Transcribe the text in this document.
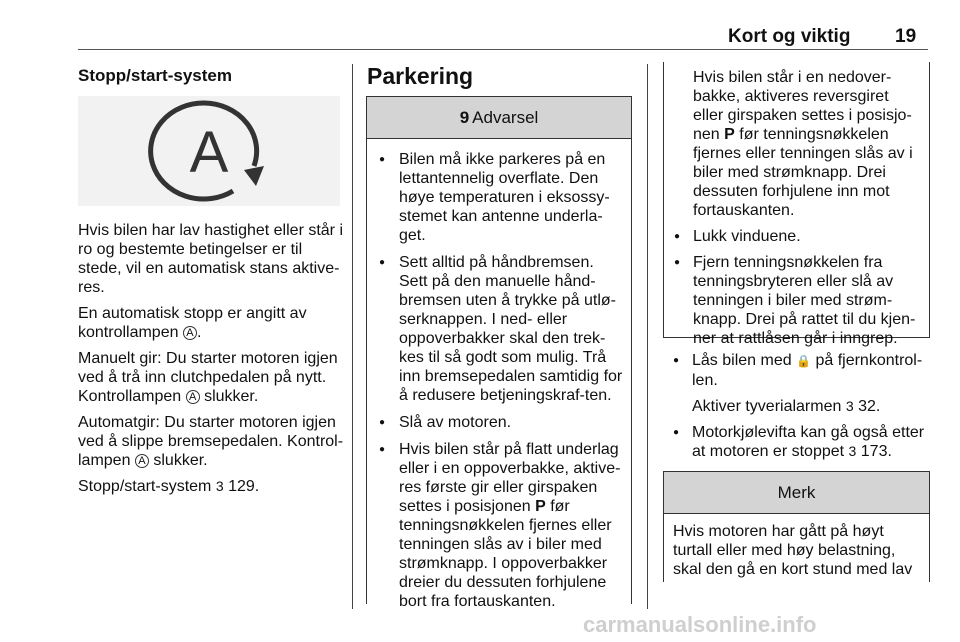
Kort og viktig 19
Stopp/start-system
A

Hvis bilen har lav hastighet eller står i ro og bestemte betingelser er til stede, vil en automatisk stans aktive‐res.

En automatisk stopp er angitt av kontrollampen A .

Manuelt gir: Du starter motoren igjen ved å trå inn clutchpedalen på nytt. Kontrollampen A slukker.

Automatgir: Du starter motoren igjen ved å slippe bremsepedalen. Kontrol‐lampen A slukker.

Stopp/start-system 3 129.

Parkering
9 Advarsel
● Bilen må ikke parkeres på en lettantennelig overflate. Den høye temperaturen i eksossy‐stemet kan antenne underla‐get.
● Sett alltid på håndbremsen. Sett på den manuelle hånd‐bremsen uten å trykke på utlø‐serknappen. I ned- eller oppoverbakker skal den trek‐kes til så godt som mulig. Trå inn bremsepedalen samtidig for å redusere betjeningskraf‐ten.
● Slå av motoren.
● Hvis bilen står på flatt underlag eller i en oppoverbakke, aktive‐res første gir eller girspaken settes i posisjonen P før tenningsnøkkelen fjernes eller tenningen slås av i biler med strømknapp. I oppoverbakker dreier du dessuten forhjulene bort fra fortauskanten.
Hvis bilen står i en nedover‐bakke, aktiveres reversgiret eller girspaken settes i posisjo‐nen P før tenningsnøkkelen fjernes eller tenningen slås av i biler med strømknapp. Drei dessuten forhjulene inn mot fortauskanten.
● Lukk vinduene.
● Fjern tenningsnøkkelen fra tenningsbryteren eller slå av tenningen i biler med strøm‐knapp. Drei på rattet til du kjen‐ner at rattlåsen går i inngrep.
● Lås bilen med 🔒 på fjernkontrol‐len.
Aktiver tyverialarmen 3 32.
● Motorkjølevifta kan gå også etter at motoren er stoppet 3 173.
Merk
Hvis motoren har gått på høyt turtall eller med høy belastning, skal den gå en kort stund med lav
carmanualsonline.info
